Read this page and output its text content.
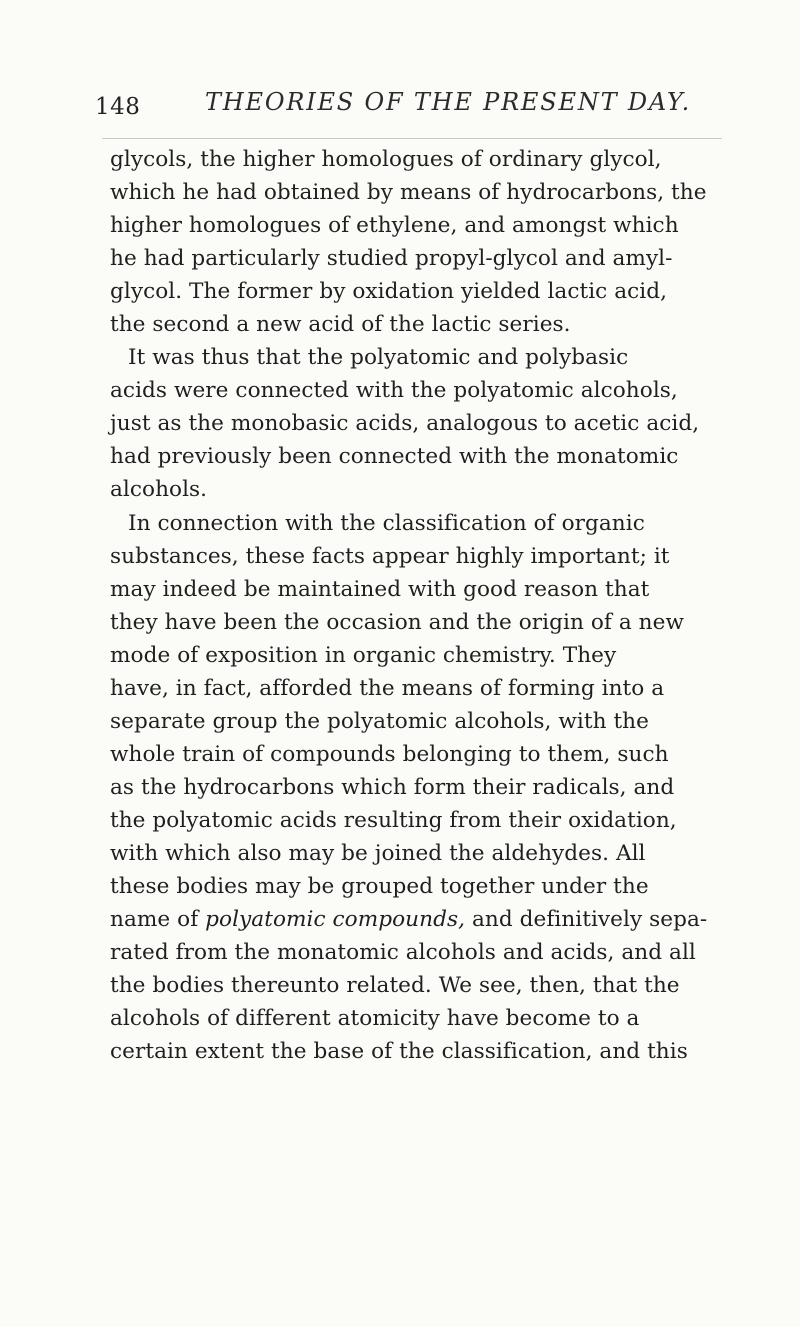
148	THEORIES OF THE PRESENT DAY.
glycols, the higher homologues of ordinary glycol,
which he had obtained by means of hydrocarbons, the
higher homologues of ethylene, and amongst which
he had particularly studied propyl-glycol and amyl-
glycol. The former by oxidation yielded lactic acid,
the second a new acid of the lactic series.
It was thus that the polyatomic and polybasic
acids were connected with the polyatomic alcohols,
just as the monobasic acids, analogous to acetic acid,
had previously been connected with the monatomic
alcohols.
In connection with the classification of organic
substances, these facts appear highly important; it
may indeed be maintained with good reason that
they have been the occasion and the origin of a new
mode of exposition in organic chemistry. They
have, in fact, afforded the means of forming into a
separate group the polyatomic alcohols, with the
whole train of compounds belonging to them, such
as the hydrocarbons which form their radicals, and
the polyatomic acids resulting from their oxidation,
with which also may be joined the aldehydes. All
these bodies may be grouped together under the
name of polyatomic compounds, and definitively sepa-
rated from the monatomic alcohols and acids, and all
the bodies thereunto related. We see, then, that the
alcohols of different atomicity have become to a
certain extent the base of the classification, and this
